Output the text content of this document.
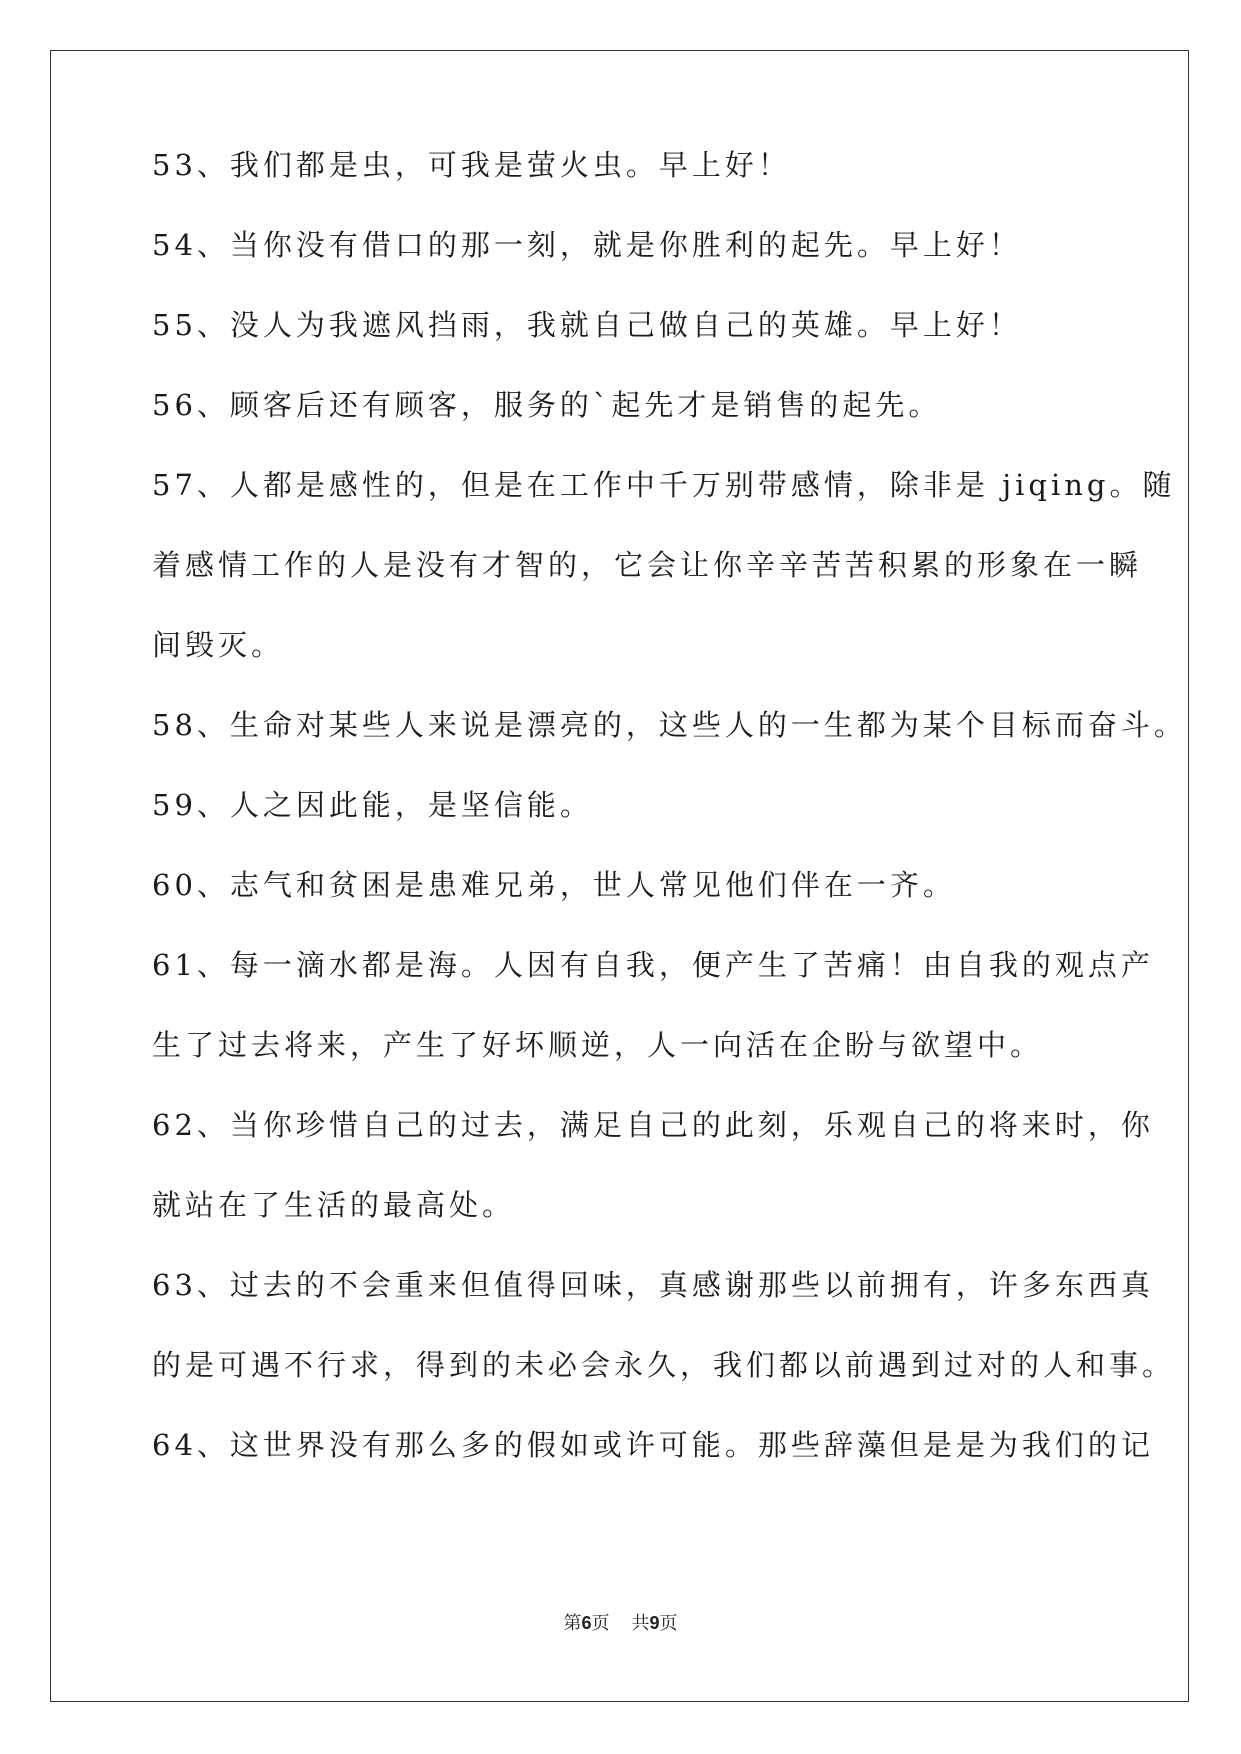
53、我们都是虫，可我是萤火虫。早上好！

54、当你没有借口的那一刻，就是你胜利的起先。早上好！

55、没人为我遮风挡雨，我就自己做自己的英雄。早上好！

56、顾客后还有顾客，服务的`起先才是销售的起先。

57、人都是感性的，但是在工作中千万别带感情，除非是 jiqing。随

着感情工作的人是没有才智的，它会让你辛辛苦苦积累的形象在一瞬

间毁灭。

58、生命对某些人来说是漂亮的，这些人的一生都为某个目标而奋斗。

59、人之因此能，是坚信能。

60、志气和贫困是患难兄弟，世人常见他们伴在一齐。

61、每一滴水都是海。人因有自我，便产生了苦痛！由自我的观点产

生了过去将来，产生了好坏顺逆，人一向活在企盼与欲望中。

62、当你珍惜自己的过去，满足自己的此刻，乐观自己的将来时，你

就站在了生活的最高处。

63、过去的不会重来但值得回味，真感谢那些以前拥有，许多东西真

的是可遇不行求，得到的未必会永久，我们都以前遇到过对的人和事。

64、这世界没有那么多的假如或许可能。那些辞藻但是是为我们的记

第6页 共9页
